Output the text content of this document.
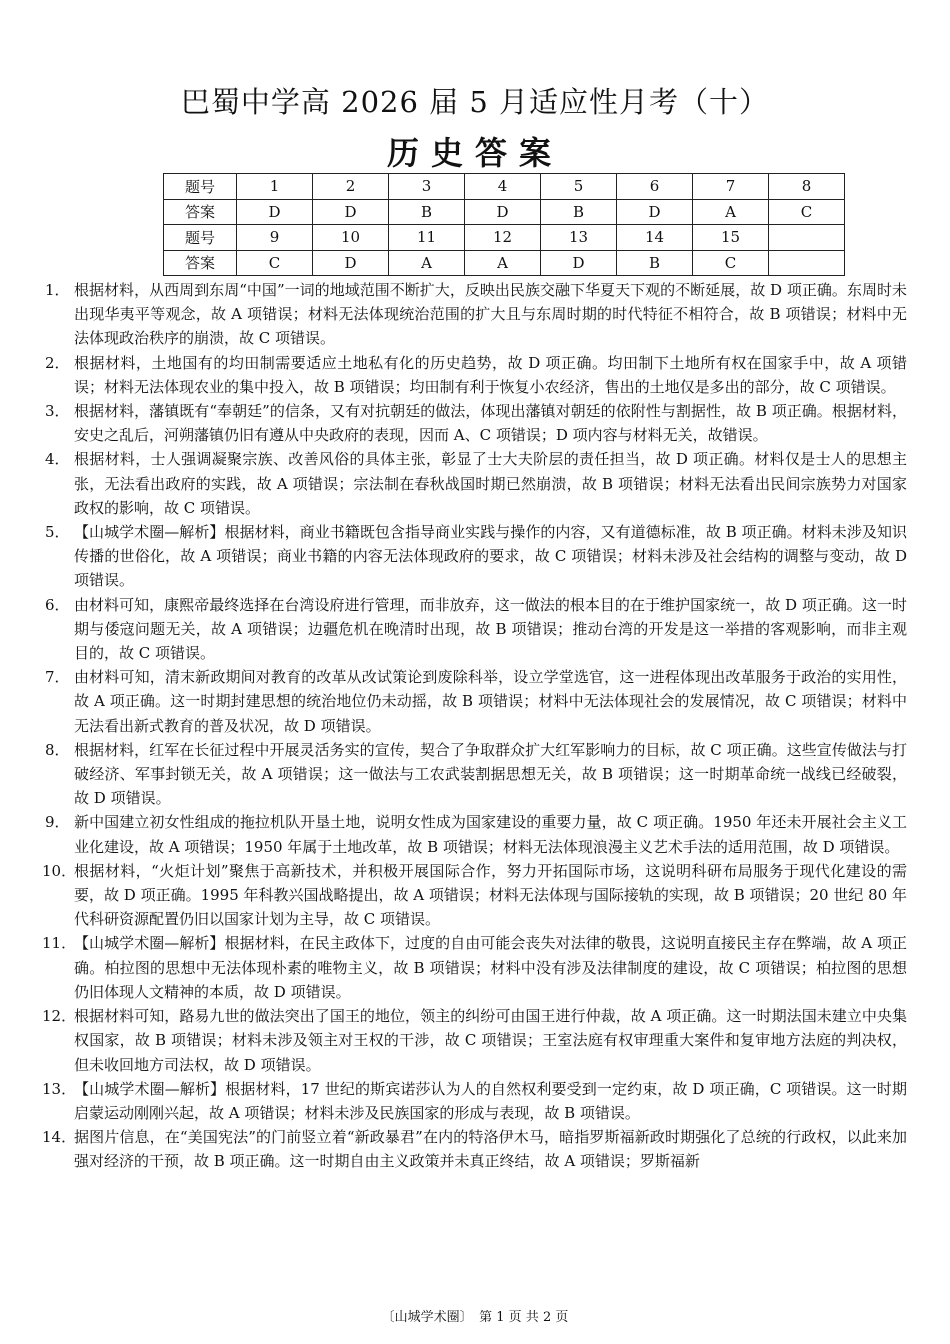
巴蜀中学高 2026 届 5 月适应性月考（十）
历史答案
题号	1	2	3	4	5	6	7	8
答案	D	D	B	D	B	D	A	C
题号	9	10	11	12	13	14	15	
答案	C	D	A	A	D	B	C	
1． 根据材料，从西周到东周“中国”一词的地域范围不断扩大，反映出民族交融下华夏天下观的不断延展，故 D 项正确。东周时未出现华夷平等观念，故 A 项错误；材料无法体现统治范围的扩大且与东周时期的时代特征不相符合，故 B 项错误；材料中无法体现政治秩序的崩溃，故 C 项错误。
2． 根据材料，土地国有的均田制需要适应土地私有化的历史趋势，故 D 项正确。均田制下土地所有权在国家手中，故 A 项错误；材料无法体现农业的集中投入，故 B 项错误；均田制有利于恢复小农经济，售出的土地仅是多出的部分，故 C 项错误。
3． 根据材料，藩镇既有“奉朝廷”的信条，又有对抗朝廷的做法，体现出藩镇对朝廷的依附性与割据性，故 B 项正确。根据材料，安史之乱后，河朔藩镇仍旧有遵从中央政府的表现，因而 A、C 项错误；D 项内容与材料无关，故错误。
4． 根据材料，士人强调凝聚宗族、改善风俗的具体主张，彰显了士大夫阶层的责任担当，故 D 项正确。材料仅是士人的思想主张，无法看出政府的实践，故 A 项错误；宗法制在春秋战国时期已然崩溃，故 B 项错误；材料无法看出民间宗族势力对国家政权的影响，故 C 项错误。
5． 【山城学术圈—解析】根据材料，商业书籍既包含指导商业实践与操作的内容，又有道德标准，故 B 项正确。材料未涉及知识传播的世俗化，故 A 项错误；商业书籍的内容无法体现政府的要求，故 C 项错误；材料未涉及社会结构的调整与变动，故 D 项错误。
6． 由材料可知，康熙帝最终选择在台湾设府进行管理，而非放弃，这一做法的根本目的在于维护国家统一，故 D 项正确。这一时期与倭寇问题无关，故 A 项错误；边疆危机在晚清时出现，故 B 项错误；推动台湾的开发是这一举措的客观影响，而非主观目的，故 C 项错误。
7． 由材料可知，清末新政期间对教育的改革从改试策论到废除科举，设立学堂选官，这一进程体现出改革服务于政治的实用性，故 A 项正确。这一时期封建思想的统治地位仍未动摇，故 B 项错误；材料中无法体现社会的发展情况，故 C 项错误；材料中无法看出新式教育的普及状况，故 D 项错误。
8． 根据材料，红军在长征过程中开展灵活务实的宣传，契合了争取群众扩大红军影响力的目标，故 C 项正确。这些宣传做法与打破经济、军事封锁无关，故 A 项错误；这一做法与工农武装割据思想无关，故 B 项错误；这一时期革命统一战线已经破裂，故 D 项错误。
9． 新中国建立初女性组成的拖拉机队开垦土地，说明女性成为国家建设的重要力量，故 C 项正确。1950 年还未开展社会主义工业化建设，故 A 项错误；1950 年属于土地改革，故 B 项错误；材料无法体现浪漫主义艺术手法的适用范围，故 D 项错误。
10．
根据材料，“火炬计划”聚焦于高新技术，并积极开展国际合作，努力开拓国际市场，这说明科研布局服务于现代化建设的需要，故 D 项正确。1995 年科教兴国战略提出，故 A 项错误；材料无法体现与国际接轨的实现，故 B 项错误；20 世纪 80 年代科研资源配置仍旧以国家计划为主导，故 C 项错误。
11．
【山城学术圈—解析】根据材料，在民主政体下，过度的自由可能会丧失对法律的敬畏，这说明直接民主存在弊端，故 A 项正确。柏拉图的思想中无法体现朴素的唯物主义，故 B 项错误；材料中没有涉及法律制度的建设，故 C 项错误；柏拉图的思想仍旧体现人文精神的本质，故 D 项错误。
12．
根据材料可知，路易九世的做法突出了国王的地位，领主的纠纷可由国王进行仲裁，故 A 项正确。这一时期法国未建立中央集权国家，故 B 项错误；材料未涉及领主对王权的干涉，故 C 项错误；王室法庭有权审理重大案件和复审地方法庭的判决权，但未收回地方司法权，故 D 项错误。
13．
【山城学术圈—解析】根据材料，17 世纪的斯宾诺莎认为人的自然权利要受到一定约束，故 D 项正确，C 项错误。这一时期启蒙运动刚刚兴起，故 A 项错误；材料未涉及民族国家的形成与表现，故 B 项错误。
14．
据图片信息，在“美国宪法”的门前竖立着“新政暴君”在内的特洛伊木马，暗指罗斯福新政时期强化了总统的行政权，以此来加强对经济的干预，故 B 项正确。这一时期自由主义政策并未真正终结，故 A 项错误；罗斯福新
〔山城学术圈〕　第 1 页 共 2 页
